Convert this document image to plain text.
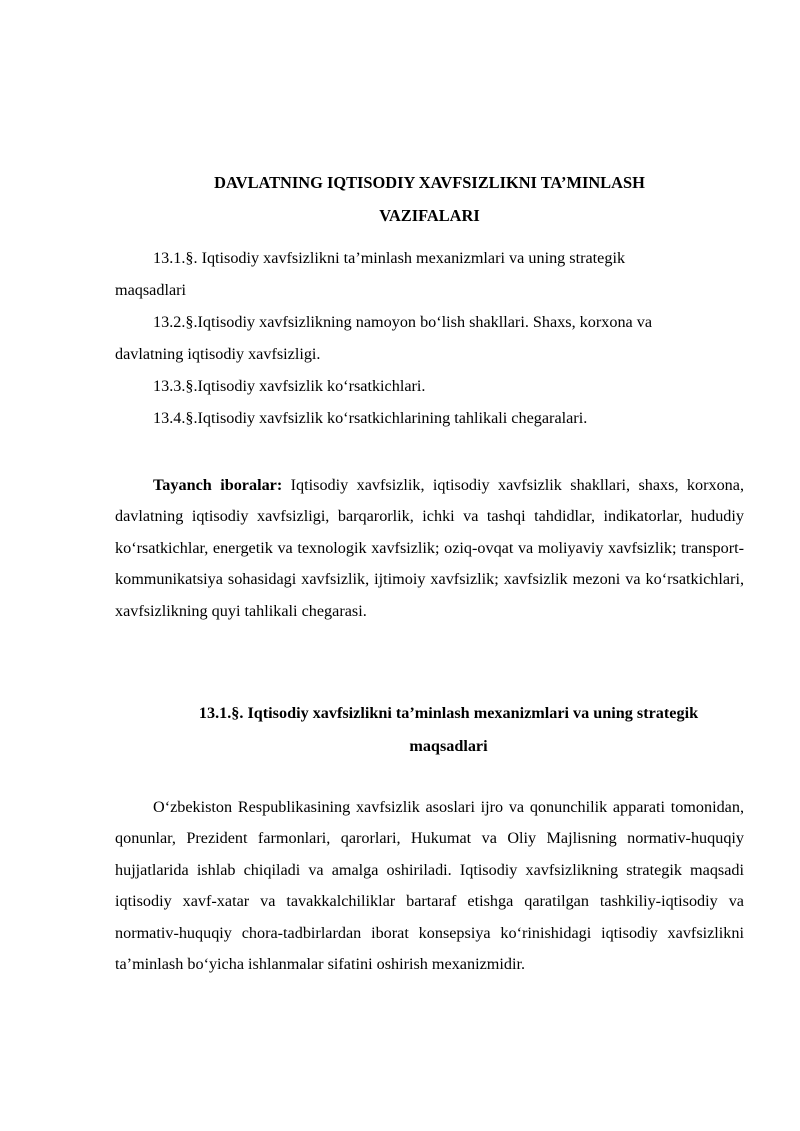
DAVLATNING IQTISODIY XAVFSIZLIKNI TA’MINLASH
VAZIFALARI
13.1.§. Iqtisodiy xavfsizlikni ta’minlash mexanizmlari va uning strategik
maqsadlari
13.2.§.Iqtisodiy xavfsizlikning namoyon bo‘lish shakllari. Shaxs, korxona va
davlatning iqtisodiy xavfsizligi.
13.3.§.Iqtisodiy xavfsizlik ko‘rsatkichlari.
13.4.§.Iqtisodiy xavfsizlik ko‘rsatkichlarining tahlikali chegaralari.

Tayanch iboralar: Iqtisodiy xavfsizlik, iqtisodiy xavfsizlik shakllari, shaxs, korxona, davlatning iqtisodiy xavfsizligi, barqarorlik, ichki va tashqi tahdidlar, indikatorlar, hududiy ko‘rsatkichlar, energetik va texnologik xavfsizlik; oziq-ovqat va moliyaviy xavfsizlik; transport-kommunikatsiya sohasidagi xavfsizlik, ijtimoiy xavfsizlik; xavfsizlik mezoni va ko‘rsatkichlari, xavfsizlikning quyi tahlikali chegarasi.

13.1.§. Iqtisodiy xavfsizlikni ta’minlash mexanizmlari va uning strategik
maqsadlari

O‘zbekiston Respublikasining xavfsizlik asoslari ijro va qonunchilik apparati tomonidan, qonunlar, Prezident farmonlari, qarorlari, Hukumat va Oliy Majlisning normativ-huquqiy hujjatlarida ishlab chiqiladi va amalga oshiriladi. Iqtisodiy xavfsizlikning strategik maqsadi iqtisodiy xavf-xatar va tavakkalchiliklar bartaraf etishga qaratilgan tashkiliy-iqtisodiy va normativ-huquqiy chora-tadbirlardan iborat konsepsiya ko‘rinishidagi iqtisodiy xavfsizlikni ta’minlash bo‘yicha ishlanmalar sifatini oshirish mexanizmidir.
